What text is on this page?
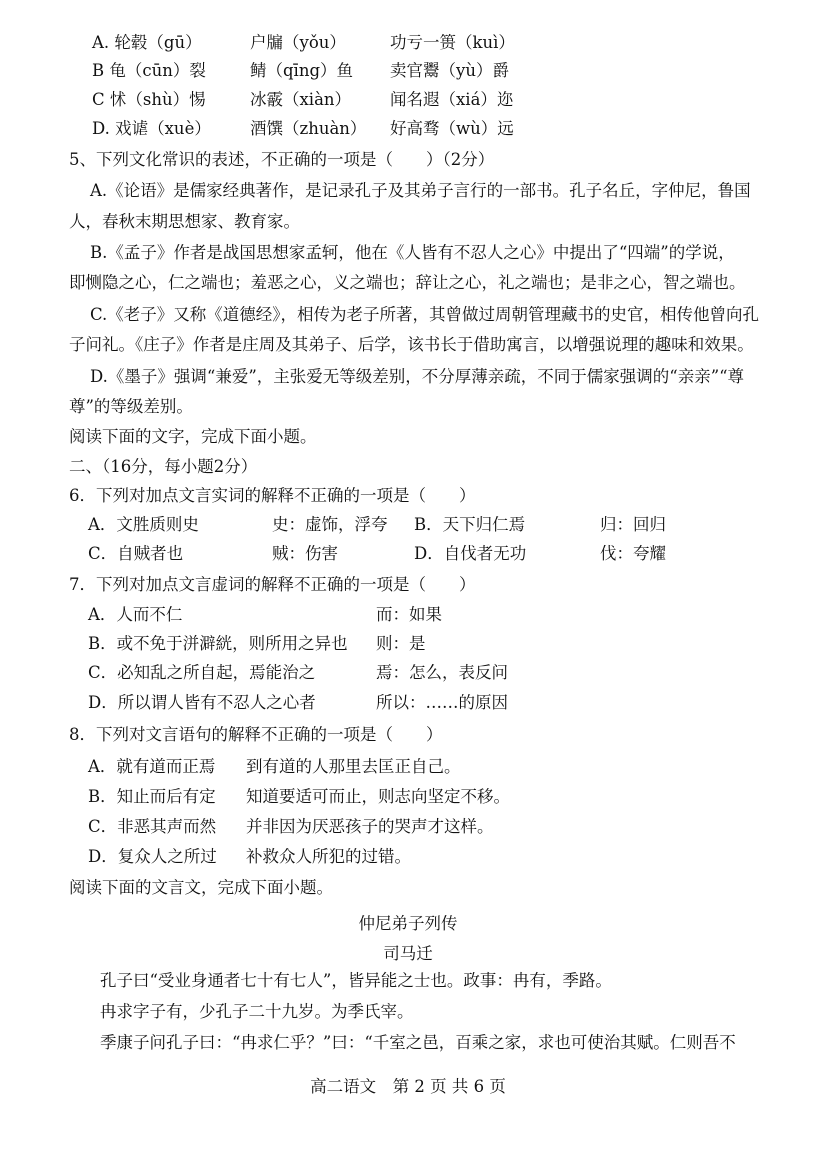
A. 轮毂（gū）	户牖（yǒu）	功亏一篑（kuì）
B 龟（cūn）裂	鲭（qīng）鱼 卖官鬻（yù）爵
C 怵（shù）惕	冰霰（xiàn） 闻名遐（xiá）迩
D. 戏谑（xuè） 酒馔（zhuàn） 好高骛（wù）远
5、下列文化常识的表述，不正确的一项是（　　）（2分）
A.《论语》是儒家经典著作，是记录孔子及其弟子言行的一部书。孔子名丘，字仲尼，鲁国
人，春秋末期思想家、教育家。
B.《孟子》作者是战国思想家孟轲，他在《人皆有不忍人之心》中提出了“四端”的学说，
即恻隐之心，仁之端也；羞恶之心，义之端也；辞让之心，礼之端也；是非之心，智之端也。
C.《老子》又称《道德经》，相传为老子所著，其曾做过周朝管理藏书的史官，相传他曾向孔
子问礼。《庄子》作者是庄周及其弟子、后学，该书长于借助寓言，以增强说理的趣味和效果。
D.《墨子》强调“兼爱”，主张爱无等级差别，不分厚薄亲疏，不同于儒家强调的“亲亲”“尊
尊”的等级差别。
阅读下面的文字，完成下面小题。
二、（16分，每小题2分）
6．下列对加点文言实词的解释不正确的一项是（　　）
A．文胜质则史	史：虚饰，浮夸 B．天下归仁焉	归：回归
C．自贼者也	贼：伤害	D．自伐者无功	伐：夸耀
7．下列对加点文言虚词的解释不正确的一项是（　　）
A．人而不仁	而：如果
B．或不免于洴澼絖，则所用之异也 则：是
C．必知乱之所自起，焉能治之	焉：怎么，表反问
D．所以谓人皆有不忍人之心者	所以：……的原因
8．下列对文言语句的解释不正确的一项是（　　）
A．就有道而正焉 到有道的人那里去匡正自己。
B．知止而后有定 知道要适可而止，则志向坚定不移。
C．非恶其声而然 并非因为厌恶孩子的哭声才这样。
D．复众人之所过 补救众人所犯的过错。
阅读下面的文言文，完成下面小题。
仲尼弟子列传
司马迁
孔子曰“受业身通者七十有七人”，皆异能之士也。政事：冉有，季路。
冉求字子有，少孔子二十九岁。为季氏宰。
季康子问孔子曰：“冉求仁乎？”曰：“千室之邑，百乘之家，求也可使治其赋。仁则吾不
高二语文　第 2 页 共 6 页
